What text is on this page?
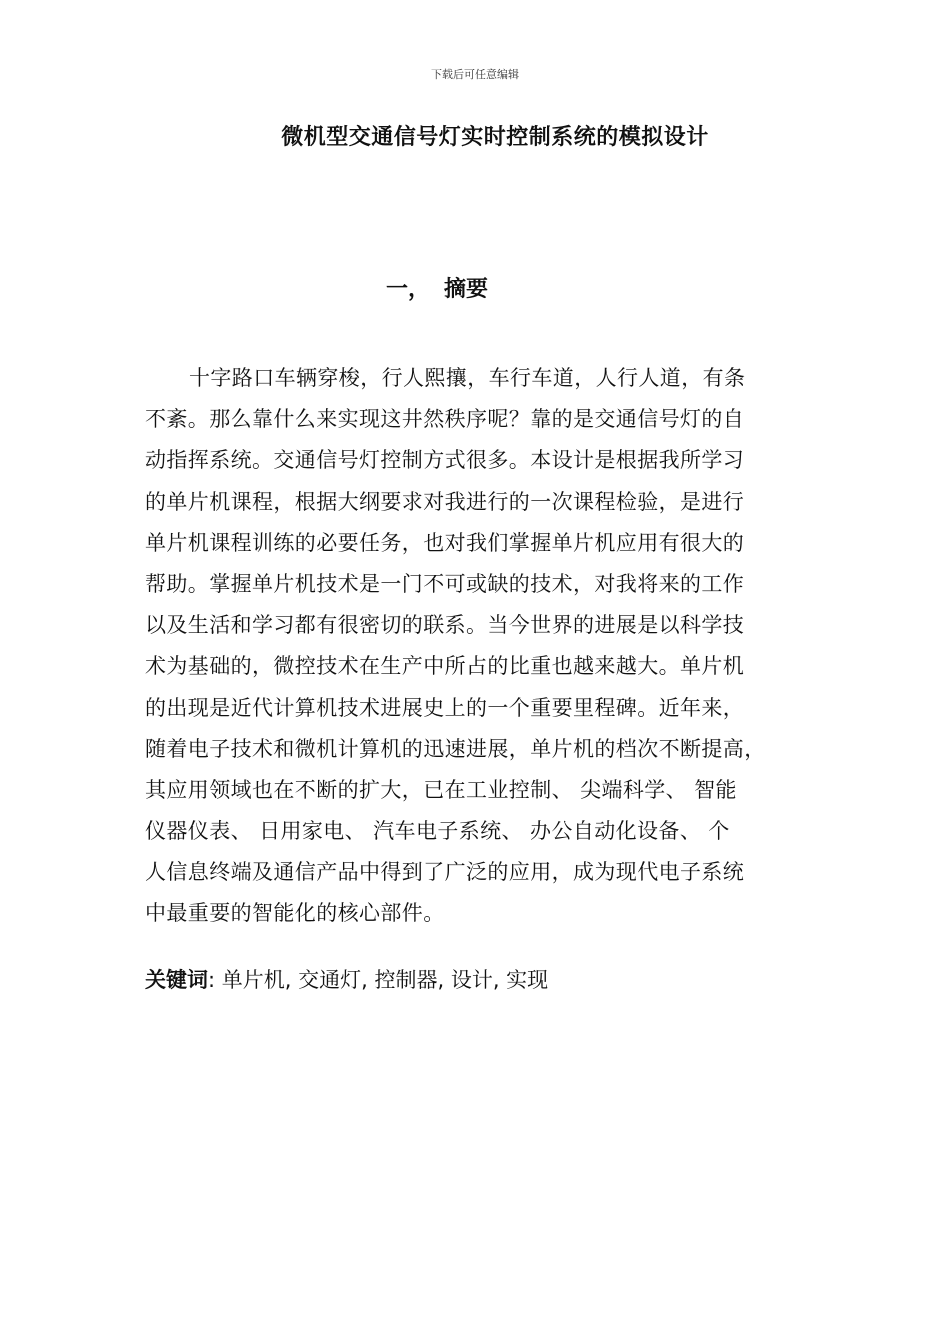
下载后可任意编辑
微机型交通信号灯实时控制系统的模拟设计
一， 摘要
十字路口车辆穿梭，行人熙攘，车行车道，人行人道，有条
不紊。那么靠什么来实现这井然秩序呢？靠的是交通信号灯的自
动指挥系统。交通信号灯控制方式很多。本设计是根据我所学习
的单片机课程，根据大纲要求对我进行的一次课程检验，是进行
单片机课程训练的必要任务，也对我们掌握单片机应用有很大的
帮助。掌握单片机技术是一门不可或缺的技术，对我将来的工作
以及生活和学习都有很密切的联系。当今世界的进展是以科学技
术为基础的，微控技术在生产中所占的比重也越来越大。单片机
的出现是近代计算机技术进展史上的一个重要里程碑。近年来，
随着电子技术和微机计算机的迅速进展，单片机的档次不断提高，
其应用领域也在不断的扩大，已在工业控制、 尖端科学、 智能
仪器仪表、 日用家电、 汽车电子系统、 办公自动化设备、 个
人信息终端及通信产品中得到了广泛的应用，成为现代电子系统
中最重要的智能化的核心部件。
关键词: 单片机, 交通灯, 控制器, 设计, 实现
